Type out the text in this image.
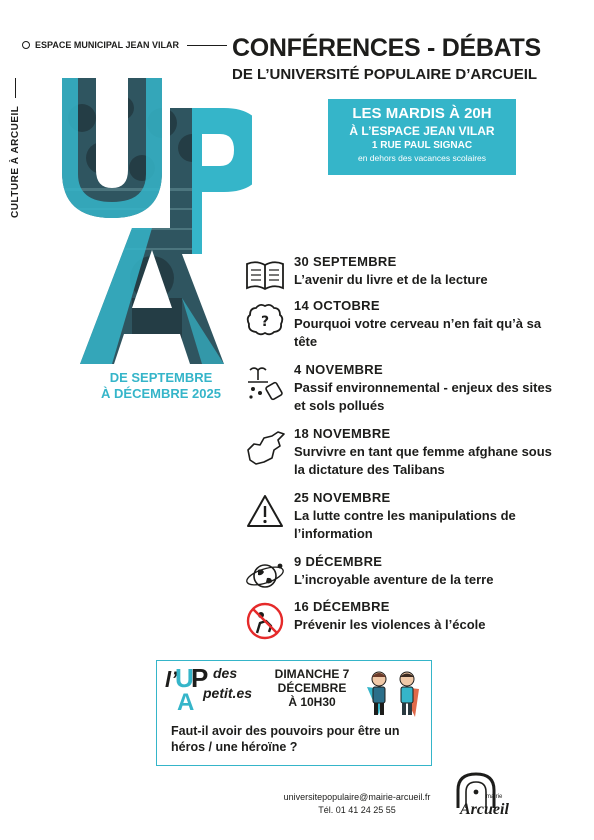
CULTURE À ARCUEIL
ESPACE MUNICIPAL JEAN VILAR CONFÉRENCES - DÉBATS
DE L’UNIVERSITÉ POPULAIRE D’ARCUEIL
LES MARDIS À 20H
À L’ESPACE JEAN VILAR
1 RUE PAUL SIGNAC
en dehors des vacances scolaires
DE SEPTEMBRE
À DÉCEMBRE 2025
30 SEPTEMBRE
L’avenir du livre et de la lecture
?
14 OCTOBRE
Pourquoi votre cerveau n’en fait qu’à sa tête
4 NOVEMBRE
Passif environnemental - enjeux des sites et sols pollués
18 NOVEMBRE
Survivre en tant que femme afghane sous la dictature des Talibans
25 NOVEMBRE
La lutte contre les manipulations de l’information
9 DÉCEMBRE
L’incroyable aventure de la terre
16 DÉCEMBRE
Prévenir les violences à l’école
l’
U
P
A
des
petit.es
DIMANCHE 7
DÉCEMBRE
À 10H30
Faut-il avoir des pouvoirs pour être un héros / une héroïne ?
universitepopulaire@mairie-arcueil.fr
Tél. 01 41 24 25 55
mairie
Arcueil
